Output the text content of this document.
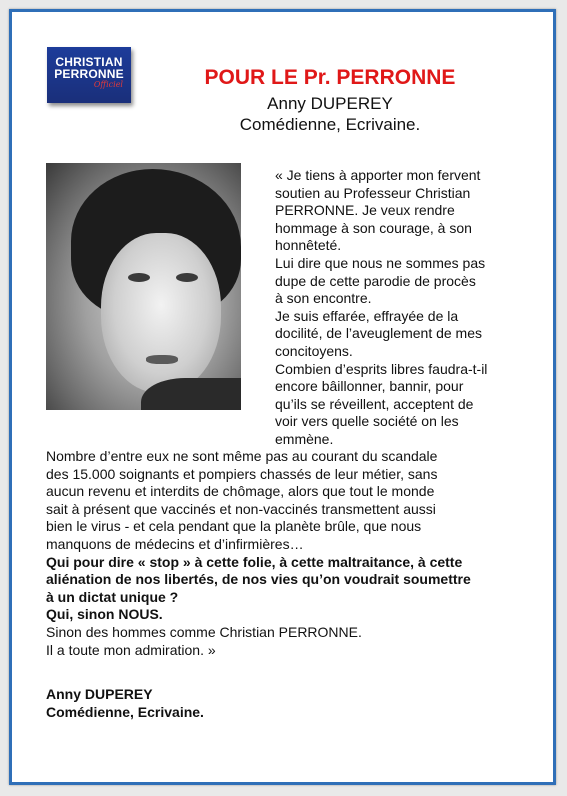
CHRISTIAN
PERRONNE
Officiel	POUR LE Pr. PERRONNE
Anny DUPEREY
Comédienne, Ecrivaine.

« Je tiens à apporter mon fervent

soutien au Professeur Christian

PERRONNE. Je veux rendre

hommage à son courage, à son

honnêteté.

Lui dire que nous ne sommes pas

dupe de cette parodie de procès

à son encontre.

Je suis effarée, effrayée de la

docilité, de l’aveuglement de mes

concitoyens.

Combien d’esprits libres faudra-t-il

encore bâillonner, bannir, pour

qu’ils se réveillent, acceptent de

voir vers quelle société on les

emmène.

Nombre d’entre eux ne sont même pas au courant du scandale

des 15.000 soignants et pompiers chassés de leur métier, sans

aucun revenu et interdits de chômage, alors que tout le monde

sait à présent que vaccinés et non-vaccinés transmettent aussi

bien le virus - et cela pendant que la planète brûle, que nous

manquons de médecins et d’infirmières…

Qui pour dire « stop » à cette folie, à cette maltraitance, à cette

aliénation de nos libertés, de nos vies qu’on voudrait soumettre

à un dictat unique ?

Qui, sinon NOUS.

Sinon des hommes comme Christian PERRONNE.

Il a toute mon admiration. »

Anny DUPEREY
Comédienne, Ecrivaine.
